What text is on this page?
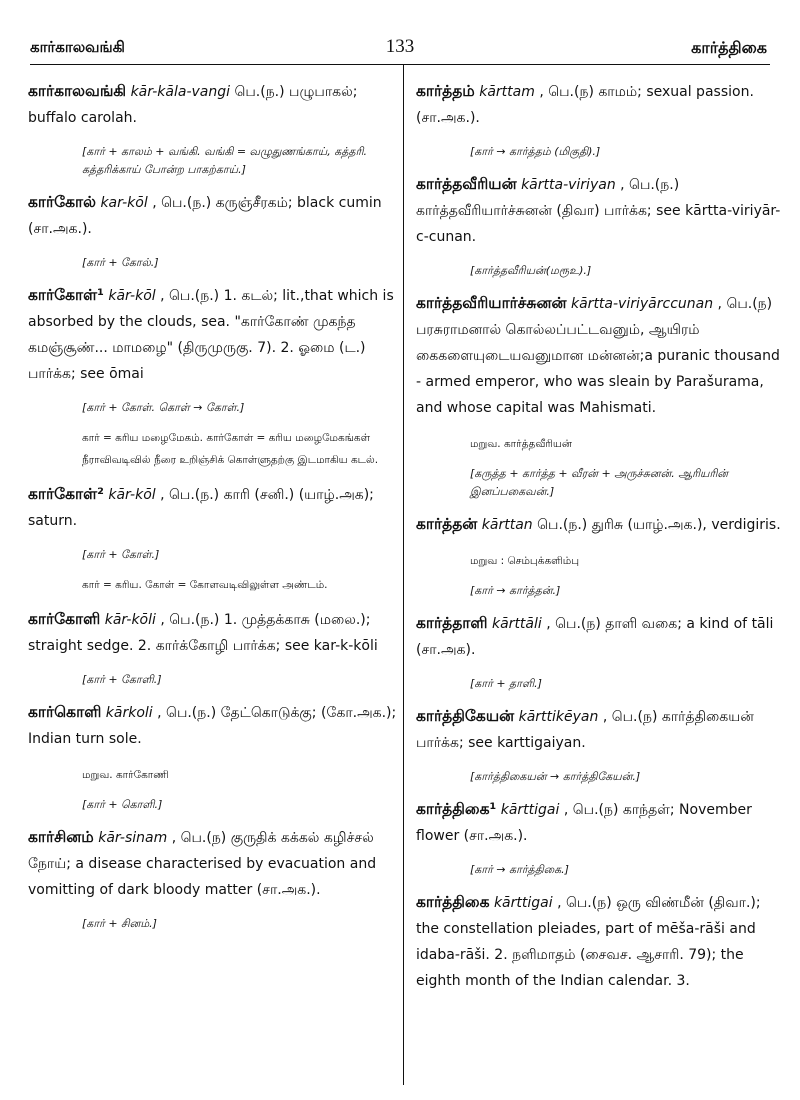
கார்காலவங்கி	133	கார்த்திகை
கார்காலவங்கி kār-kāla-vangi பெ.(ந.) பழுபாகல்; buffalo carolah.
[கார் + காலம் + வங்கி. வங்கி = வழுதுணங்காய், கத்தரி. கத்தரிக்காய் போன்ற பாகற்காய்.]
கார்கோல் kar-kōl , பெ.(ந.) கருஞ்சீரகம்; black cumin (சா.அக.).
[கார் + கோல்.]
கார்கோள்¹ kār-kōl , பெ.(ந.) 1. கடல்; lit.,that which is absorbed by the clouds, sea. "கார்கோண் முகந்த கமஞ்சூண்... மாமழை" (திருமுருகு. 7). 2. ஓமை (ட.) பார்க்க; see ōmai
[கார் + கோள். கொள் → கோள்.]
கார் = கரிய மழைமேகம். கார்கோள் = கரிய மழைமேகங்கள் நீராவிவடிவில் நீரை உறிஞ்சிக் கொள்ளுதற்கு இடமாகிய கடல்.
கார்கோள்² kār-kōl , பெ.(ந.) காரி (சனி.) (யாழ்.அக); saturn.
[கார் + கோள்.]
கார் = கரிய. கோள் = கோளவடிவிலுள்ள அண்டம்.
கார்கோளி kār-kōli , பெ.(ந.) 1. முத்தக்காசு (மலை.); straight sedge. 2. கார்க்கோழி பார்க்க; see kar-k-kōli
[கார் + கோளி.]
கார்கொளி kārkoli , பெ.(ந.) தேட்கொடுக்கு; (கோ.அக.); Indian turn sole.
மறுவ. கார்கோணி
[கார் + கொளி.]
கார்சினம் kār-sinam , பெ.(ந) குருதிக் கக்கல் கழிச்சல் நோய்; a disease characterised by evacuation and vomitting of dark bloody matter (சா.அக.).
[கார் + சினம்.]
கார்த்தம் kārttam , பெ.(ந) காமம்; sexual passion. (சா.அக.).
[கார் → கார்த்தம் (மிகுதி).]
கார்த்தவீரியன் kārtta-viriyan , பெ.(ந.) கார்த்தவீரியார்ச்சுனன் (திவா) பார்க்க; see kārtta-viriyār-c-cunan.
[கார்த்தவீரியன்(மரூஉ).]
கார்த்தவீரியார்ச்சுனன் kārtta-viriyārccunan , பெ.(ந) பரசுராமனால் கொல்லப்பட்டவனும், ஆயிரம் கைகளையுடையவனுமான மன்னன்;a puranic thousand - armed emperor, who was sleain by Parašurama, and whose capital was Mahismati.
மறுவ. கார்த்தவீரியன்
[கருத்த + கார்த்த + வீரன் + அருச்சுனன். ஆரியரின் இனப்பகைவன்.]
கார்த்தன் kārttan பெ.(ந.) துரிசு (யாழ்.அக.), verdigiris.
மறுவ : செம்புக்களிம்பு
[கார் → கார்த்தன்.]
கார்த்தாளி kārttāli , பெ.(ந) தாளி வகை; a kind of tāli (சா.அக).
[கார் + தாளி.]
கார்த்திகேயன் kārttikēyan , பெ.(ந) கார்த்திகையன் பார்க்க; see karttigaiyan.
[கார்த்திகையன் → கார்த்திகேயன்.]
கார்த்திகை¹ kārttigai , பெ.(ந) காந்தள்; November flower (சா.அக.).
[கார் → கார்த்திகை.]
கார்த்திகை kārttigai , பெ.(ந) ஒரு விண்மீன் (திவா.); the constellation pleiades, part of mēša-rāši and idaba-rāši. 2. நளிமாதம் (சைவச. ஆசாரி. 79); the eighth month of the Indian calendar. 3.
